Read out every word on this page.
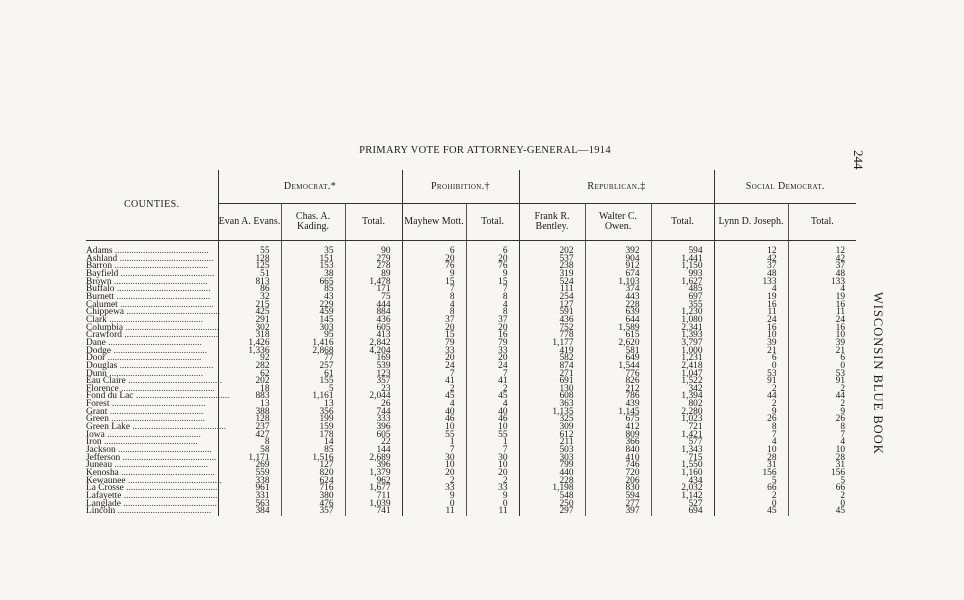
PRIMARY VOTE FOR ATTORNEY-GENERAL—1914	244
WISCONSIN BLUE BOOK
COUNTIES.	Democrat.*			Prohibition.†		Republican.‡			Social Democrat.	
	Evan A. Evans.	Chas. A. Kading.	Total.	Mayhew Mott.	Total.	Frank R. Bentley.	Walter C. Owen.	Total.	Lynn D. Joseph.	Total.
Adams ........................................	55	35	90	6	6	202	392	594	12	12
Ashland ........................................	128	151	279	20	20	537	904	1,441	42	42
Barron ........................................	125	153	278	76	76	238	912	1,150	37	37
Bayfield ........................................	51	38	89	9	9	319	674	993	48	48
Brown ........................................	813	665	1,478	15	15	524	1,103	1,627	133	133
Buffalo ........................................	86	85	171	7	7	111	374	485	4	4
Burnett ........................................	32	43	75	8	8	254	443	697	19	19
Calumet ........................................	215	229	444	4	4	127	228	355	16	16
Chippewa ........................................	425	459	884	8	8	591	639	1,230	11	11
Clark ........................................	291	145	436	37	37	436	644	1,080	24	24
Columbia ........................................	302	303	605	20	20	752	1,589	2,341	16	16
Crawford ........................................	318	95	413	15	16	778	615	1,393	10	10
Dane ........................................	1,426	1,416	2,842	79	79	1,177	2,620	3,797	39	39
Dodge ........................................	1,336	2,868	4,204	33	33	419	581	1,000	21	21
Door ........................................	92	77	169	20	20	582	649	1,231	6	6
Douglas ........................................	282	257	539	24	24	874	1,544	2,418	0	0
Dunn ........................................	62	61	123	7	7	271	776	1,047	53	53
Eau Claire ........................................	202	155	357	41	41	691	826	1,522	91	91
Florence ........................................	18	5	23	2	2	130	212	342	2	2
Fond du Lac ........................................	883	1,161	2,044	45	45	608	786	1,394	44	44
Forest ........................................	13	13	26	4	4	363	439	802	2	2
Grant ........................................	388	356	744	40	40	1,135	1,145	2,280	9	9
Green ........................................	128	199	333	46	46	325	675	1,023	26	26
Green Lake ........................................	237	159	396	10	10	309	412	721	8	8
Iowa ........................................	427	178	605	55	55	612	809	1,421	7	7
Iron ........................................	8	14	22	1	1	211	366	577	4	4
Jackson ........................................	58	85	144	7	7	503	840	1,343	10	10
Jefferson ........................................	1,171	1,516	2,689	30	30	303	410	715	28	28
Juneau ........................................	269	127	396	10	10	799	746	1,550	31	31
Kenosha ........................................	559	820	1,379	20	20	440	720	1,160	156	156
Kewaunee ........................................	338	624	962	2	2	228	206	434	5	5
La Crosse ........................................	961	716	1,677	33	33	1,198	830	2,032	66	66
Lafayette ........................................	331	380	711	9	9	548	594	1,142	2	2
Langlade ........................................	563	476	1,039	0	0	250	277	527	0	0
Lincoln ........................................	384	357	741	11	11	297	397	694	45	45
